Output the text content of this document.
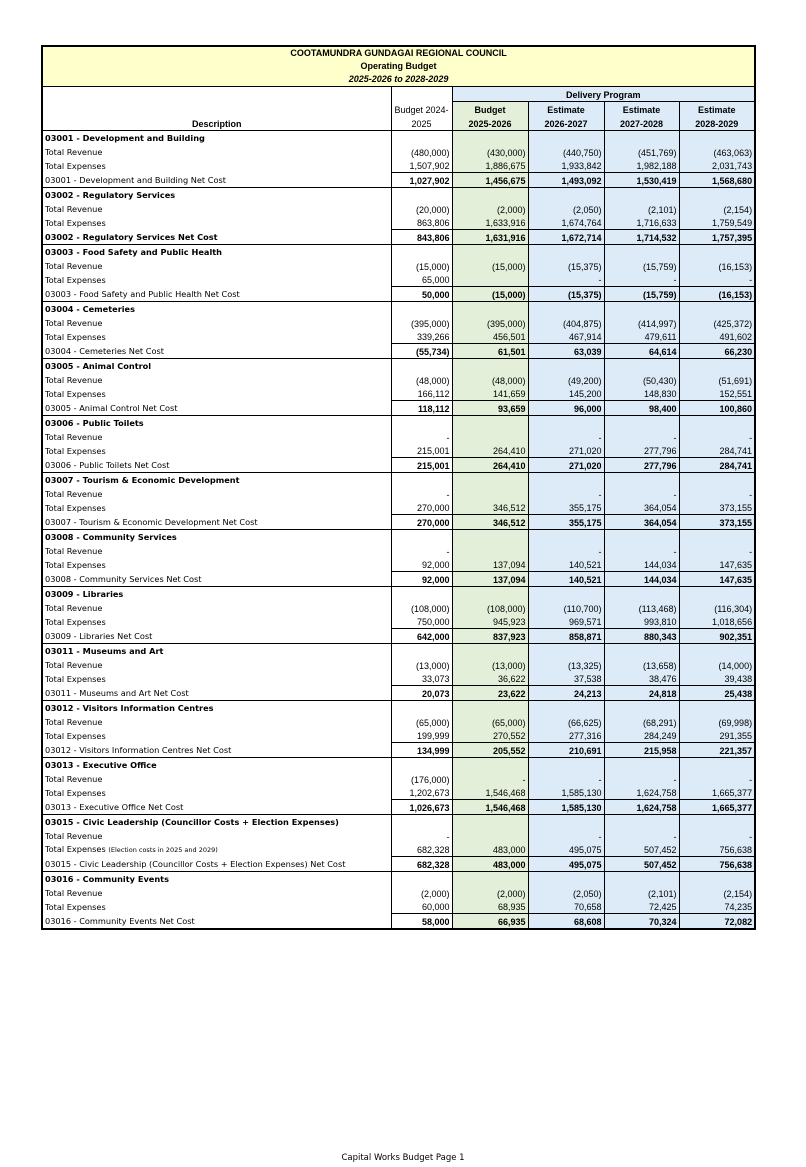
COOTAMUNDRA GUNDAGAI REGIONAL COUNCIL
Operating Budget
2025-2026 to 2028-2029					

		Delivery Program			
	Budget 2024-	Budget	Estimate	Estimate	Estimate
Description	2025	2025-2026	2026-2027	2027-2028	2028-2029
03001 - Development and Building					
Total Revenue	(480,000)	(430,000)	(440,750)	(451,769)	(463,063)
Total Expenses	1,507,902	1,886,675	1,933,842	1,982,188	2,031,743
03001 - Development and Building Net Cost	1,027,902	1,456,675	1,493,092	1,530,419	1,568,680
03002 - Regulatory Services					
Total Revenue	(20,000)	(2,000)	(2,050)	(2,101)	(2,154)
Total Expenses	863,806	1,633,916	1,674,764	1,716,633	1,759,549
03002 - Regulatory Services Net Cost	843,806	1,631,916	1,672,714	1,714,532	1,757,395
03003 - Food Safety and Public Health					
Total Revenue	(15,000)	(15,000)	(15,375)	(15,759)	(16,153)
Total Expenses	65,000		-	-	-
03003 - Food Safety and Public Health Net Cost	50,000	(15,000)	(15,375)	(15,759)	(16,153)
03004 - Cemeteries					
Total Revenue	(395,000)	(395,000)	(404,875)	(414,997)	(425,372)
Total Expenses	339,266	456,501	467,914	479,611	491,602
03004 - Cemeteries Net Cost	(55,734)	61,501	63,039	64,614	66,230
03005 - Animal Control					
Total Revenue	(48,000)	(48,000)	(49,200)	(50,430)	(51,691)
Total Expenses	166,112	141,659	145,200	148,830	152,551
03005 - Animal Control Net Cost	118,112	93,659	96,000	98,400	100,860
03006 - Public Toilets					
Total Revenue	-		-	-	-
Total Expenses	215,001	264,410	271,020	277,796	284,741
03006 - Public Toilets Net Cost	215,001	264,410	271,020	277,796	284,741
03007 - Tourism & Economic Development					
Total Revenue	-		-	-	-
Total Expenses	270,000	346,512	355,175	364,054	373,155
03007 - Tourism & Economic Development Net Cost	270,000	346,512	355,175	364,054	373,155
03008 - Community Services					
Total Revenue	-		-	-	-
Total Expenses	92,000	137,094	140,521	144,034	147,635
03008 - Community Services Net Cost	92,000	137,094	140,521	144,034	147,635
03009 - Libraries					
Total Revenue	(108,000)	(108,000)	(110,700)	(113,468)	(116,304)
Total Expenses	750,000	945,923	969,571	993,810	1,018,656
03009 - Libraries Net Cost	642,000	837,923	858,871	880,343	902,351
03011 - Museums and Art					
Total Revenue	(13,000)	(13,000)	(13,325)	(13,658)	(14,000)
Total Expenses	33,073	36,622	37,538	38,476	39,438
03011 - Museums and Art Net Cost	20,073	23,622	24,213	24,818	25,438
03012 - Visitors Information Centres					
Total Revenue	(65,000)	(65,000)	(66,625)	(68,291)	(69,998)
Total Expenses	199,999	270,552	277,316	284,249	291,355
03012 - Visitors Information Centres Net Cost	134,999	205,552	210,691	215,958	221,357
03013 - Executive Office					
Total Revenue	(176,000)	-	-	-	-
Total Expenses	1,202,673	1,546,468	1,585,130	1,624,758	1,665,377
03013 - Executive Office Net Cost	1,026,673	1,546,468	1,585,130	1,624,758	1,665,377
03015 - Civic Leadership (Councillor Costs + Election Expenses)					
Total Revenue	-		-	-	-
Total Expenses (Election costs in 2025 and 2029)	682,328	483,000	495,075	507,452	756,638
03015 - Civic Leadership (Councillor Costs + Election Expenses) Net Cost	682,328	483,000	495,075	507,452	756,638
03016 - Community Events					
Total Revenue	(2,000)	(2,000)	(2,050)	(2,101)	(2,154)
Total Expenses	60,000	68,935	70,658	72,425	74,235
03016 - Community Events Net Cost	58,000	66,935	68,608	70,324	72,082
Capital Works Budget Page 1
